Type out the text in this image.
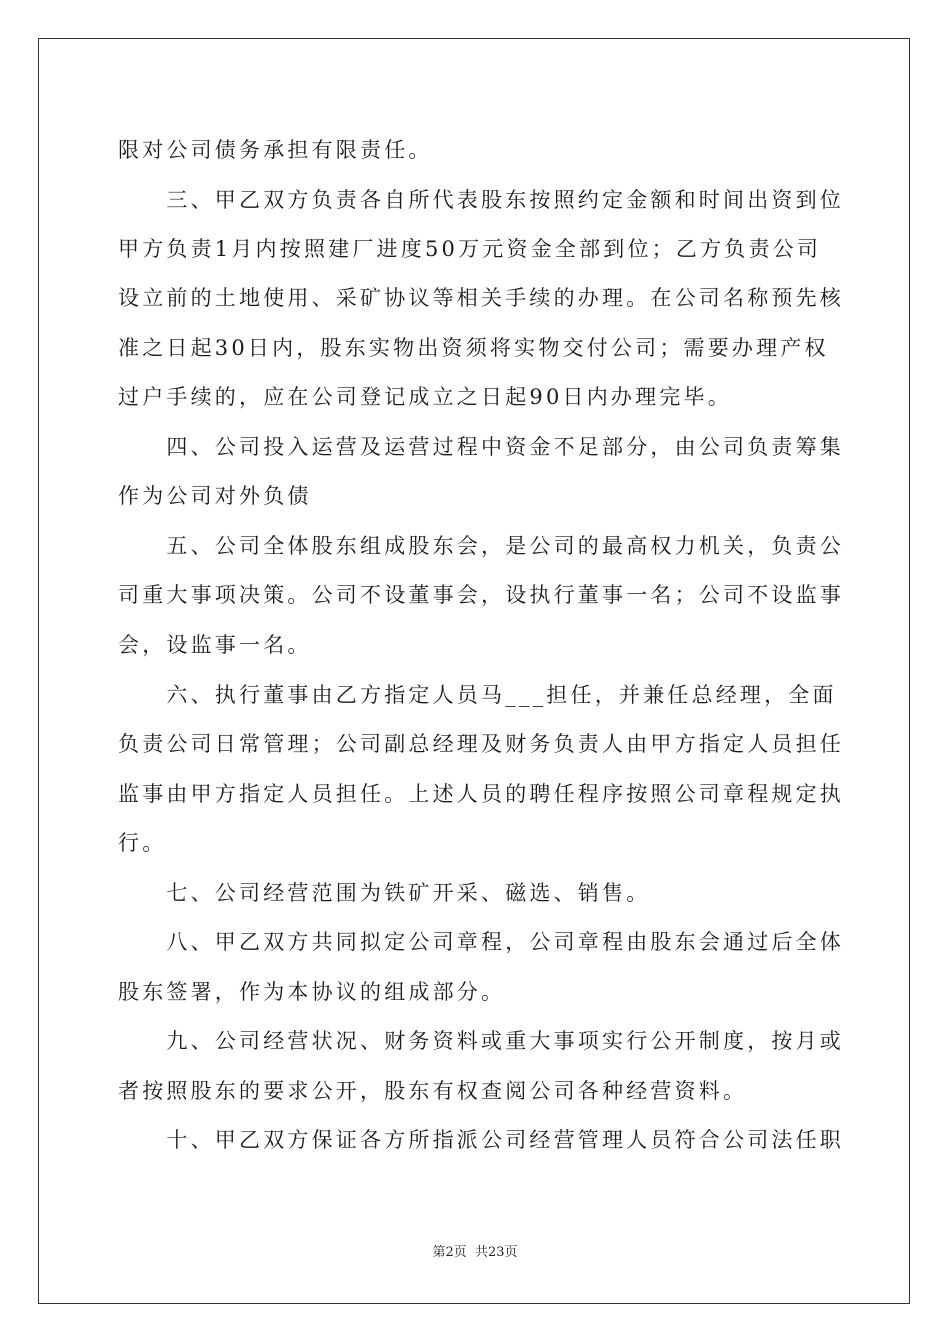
限对公司债务承担有限责任。
　　三、甲乙双方负责各自所代表股东按照约定金额和时间出资到位
甲方负责1月内按照建厂进度50万元资金全部到位；乙方负责公司
设立前的土地使用、采矿协议等相关手续的办理。在公司名称预先核
准之日起30日内，股东实物出资须将实物交付公司；需要办理产权
过户手续的，应在公司登记成立之日起90日内办理完毕。
　　四、公司投入运营及运营过程中资金不足部分，由公司负责筹集
作为公司对外负债
　　五、公司全体股东组成股东会，是公司的最高权力机关，负责公
司重大事项决策。公司不设董事会，设执行董事一名；公司不设监事
会，设监事一名。
　　六、执行董事由乙方指定人员马___担任，并兼任总经理，全面
负责公司日常管理；公司副总经理及财务负责人由甲方指定人员担任
监事由甲方指定人员担任。上述人员的聘任程序按照公司章程规定执
行。
　　七、公司经营范围为铁矿开采、磁选、销售。
　　八、甲乙双方共同拟定公司章程，公司章程由股东会通过后全体
股东签署，作为本协议的组成部分。
　　九、公司经营状况、财务资料或重大事项实行公开制度，按月或
者按照股东的要求公开，股东有权查阅公司各种经营资料。
　　十、甲乙双方保证各方所指派公司经营管理人员符合公司法任职
第2页 共23页
